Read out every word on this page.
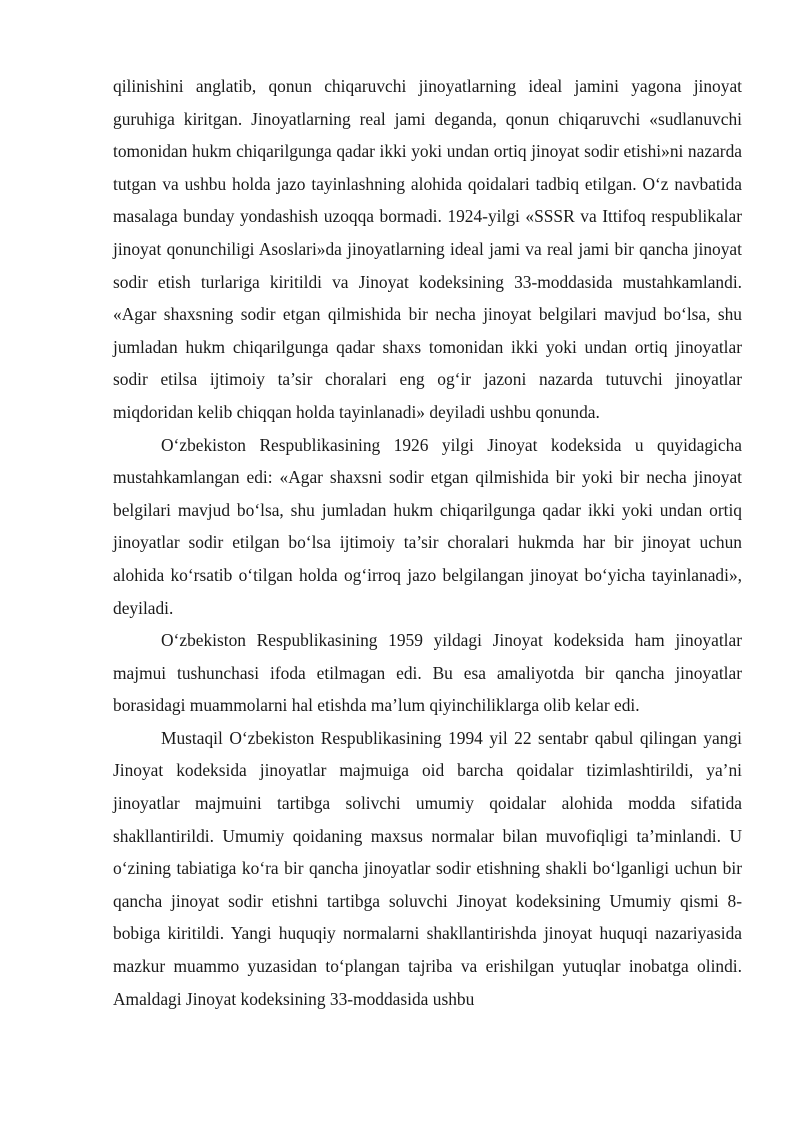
qilinishini anglatib, qonun chiqaruvchi jinoyatlarning ideal jamini yagona jinoyat guruhiga kiritgan. Jinoyatlarning real jami deganda, qonun chiqaruvchi «sudlanuvchi tomonidan hukm chiqarilgunga qadar ikki yoki undan ortiq jinoyat sodir etishi»ni nazarda tutgan va ushbu holda jazo tayinlashning alohida qoidalari tadbiq etilgan. O‘z navbatida masalaga bunday yondashish uzoqqa bormadi. 1924-yilgi «SSSR va Ittifoq respublikalar jinoyat qonunchiligi Asoslari»da jinoyatlarning ideal jami va real jami bir qancha jinoyat sodir etish turlariga kiritildi va Jinoyat kodeksining 33-moddasida mustahkamlandi. «Agar shaxsning sodir etgan qilmishida bir necha jinoyat belgilari mavjud bo‘lsa, shu jumladan hukm chiqarilgunga qadar shaxs tomonidan ikki yoki undan ortiq jinoyatlar sodir etilsa ijtimoiy ta’sir choralari eng og‘ir jazoni nazarda tutuvchi jinoyatlar miqdoridan kelib chiqqan holda tayinlanadi» deyiladi ushbu qonunda.

O‘zbekiston Respublikasining 1926 yilgi Jinoyat kodeksida u quyidagicha mustahkamlangan edi: «Agar shaxsni sodir etgan qilmishida bir yoki bir necha jinoyat belgilari mavjud bo‘lsa, shu jumladan hukm chiqarilgunga qadar ikki yoki undan ortiq jinoyatlar sodir etilgan bo‘lsa ijtimoiy ta’sir choralari hukmda har bir jinoyat uchun alohida ko‘rsatib o‘tilgan holda og‘irroq jazo belgilangan jinoyat bo‘yicha tayinlanadi», deyiladi.

O‘zbekiston Respublikasining 1959 yildagi Jinoyat kodeksida ham jinoyatlar majmui tushunchasi ifoda etilmagan edi. Bu esa amaliyotda bir qancha jinoyatlar borasidagi muammolarni hal etishda ma’lum qiyinchiliklarga olib kelar edi.

Mustaqil O‘zbekiston Respublikasining 1994 yil 22 sentabr qabul qilingan yangi Jinoyat kodeksida jinoyatlar majmuiga oid barcha qoidalar tizimlashtirildi, ya’ni jinoyatlar majmuini tartibga solivchi umumiy qoidalar alohida modda sifatida shakllantirildi. Umumiy qoidaning maxsus normalar bilan muvofiqligi ta’minlandi. U o‘zining tabiatiga ko‘ra bir qancha jinoyatlar sodir etishning shakli bo‘lganligi uchun bir qancha jinoyat sodir etishni tartibga soluvchi Jinoyat kodeksining Umumiy qismi 8-bobiga kiritildi. Yangi huquqiy normalarni shakllantirishda jinoyat huquqi nazariyasida mazkur muammo yuzasidan to‘plangan tajriba va erishilgan yutuqlar inobatga olindi. Amaldagi Jinoyat kodeksining 33-moddasida ushbu
